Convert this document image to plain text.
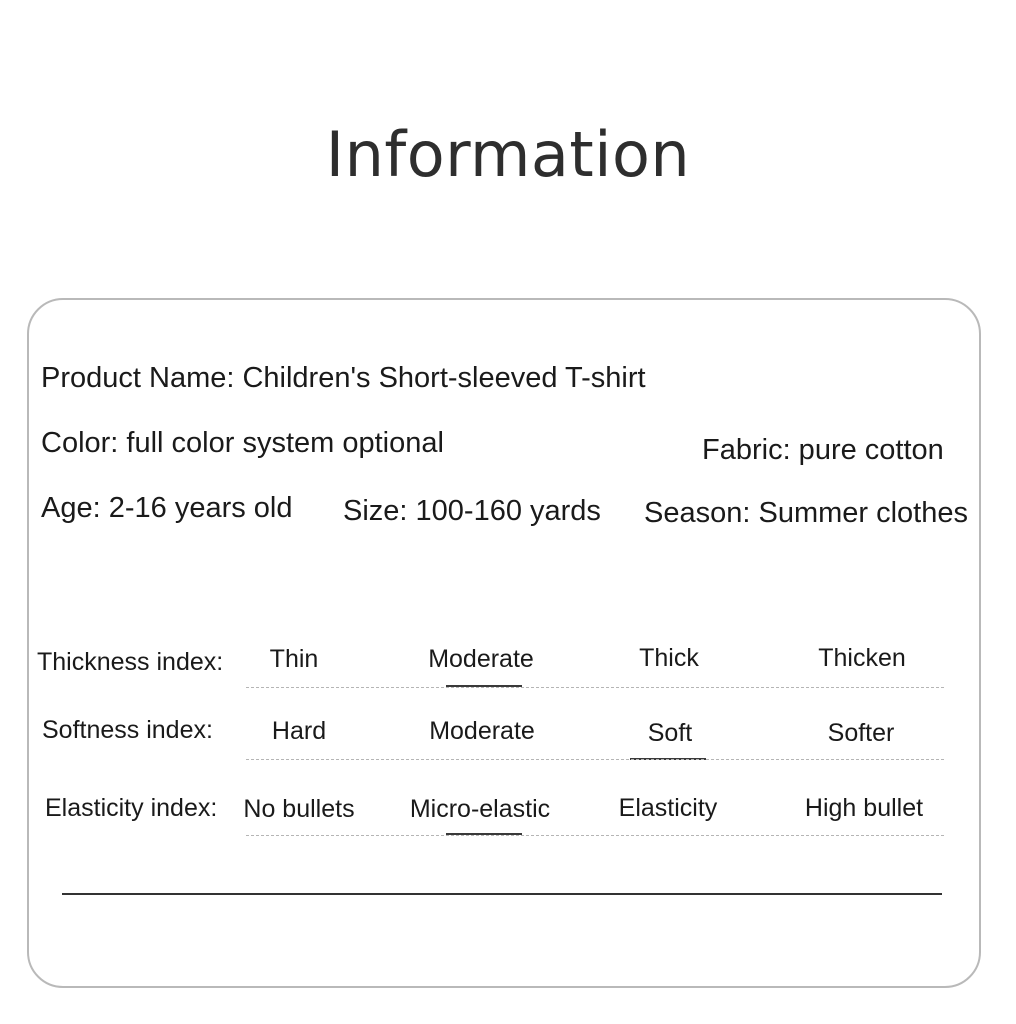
Information
Product Name: Children's Short-sleeved T-shirt
Color: full color system optional	Fabric: pure cotton
Age: 2-16 years old Size: 100-160 yards Season: Summer clothes
Thickness index:	Thin	Moderate	Thick	Thicken
Softness index:	Hard	Moderate	Soft	Softer
Elasticity index:	No bullets	Micro-elastic	Elasticity	High bullet
